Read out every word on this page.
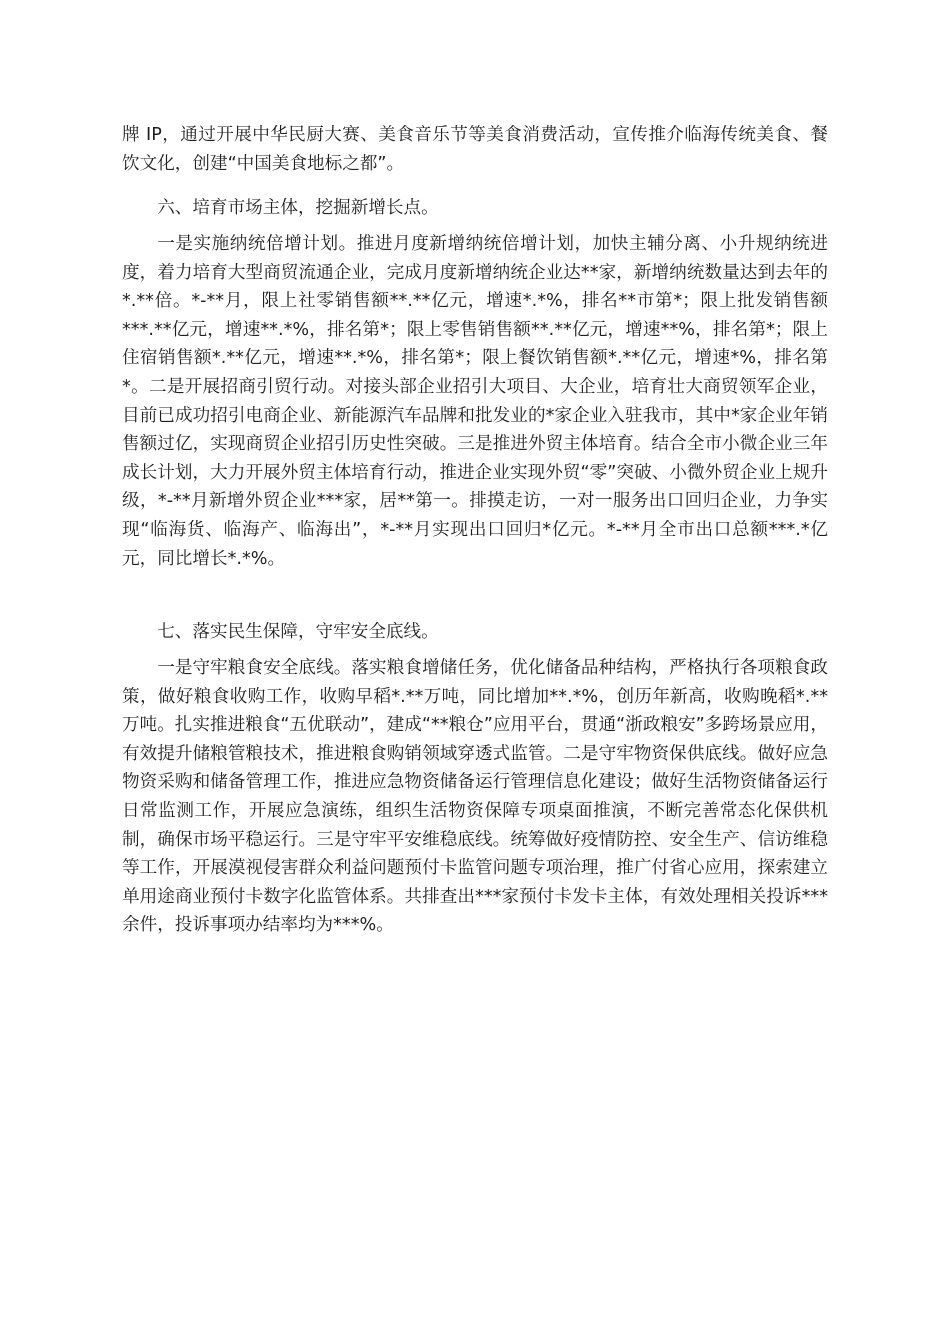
牌 IP，通过开展中华民厨大赛、美食音乐节等美食消费活动，宣传推介临海传统美食、餐饮文化，创建“中国美食地标之都”。

六、培育市场主体，挖掘新增长点。

一是实施纳统倍增计划。推进月度新增纳统倍增计划，加快主辅分离、小升规纳统进度，着力培育大型商贸流通企业，完成月度新增纳统企业达**家，新增纳统数量达到去年的*.**倍。*-**月，限上社零销售额**.**亿元，增速*.*%，排名**市第*；限上批发销售额***.**亿元，增速**.*%，排名第*；限上零售销售额**.**亿元，增速**%，排名第*；限上住宿销售额*.**亿元，增速**.*%，排名第*；限上餐饮销售额*.**亿元，增速*%，排名第*。二是开展招商引贸行动。对接头部企业招引大项目、大企业，培育壮大商贸领军企业，目前已成功招引电商企业、新能源汽车品牌和批发业的*家企业入驻我市，其中*家企业年销售额过亿，实现商贸企业招引历史性突破。三是推进外贸主体培育。结合全市小微企业三年成长计划，大力开展外贸主体培育行动，推进企业实现外贸“零”突破、小微外贸企业上规升级，*-**月新增外贸企业***家，居**第一。排摸走访，一对一服务出口回归企业，力争实现“临海货、临海产、临海出”，*-**月实现出口回归*亿元。*-**月全市出口总额***.*亿元，同比增长*.*%。

七、落实民生保障，守牢安全底线。

一是守牢粮食安全底线。落实粮食增储任务，优化储备品种结构，严格执行各项粮食政策，做好粮食收购工作，收购早稻*.**万吨，同比增加**.*%，创历年新高，收购晚稻*.**万吨。扎实推进粮食“五优联动”，建成“**粮仓”应用平台，贯通“浙政粮安”多跨场景应用，有效提升储粮管粮技术，推进粮食购销领域穿透式监管。二是守牢物资保供底线。做好应急物资采购和储备管理工作，推进应急物资储备运行管理信息化建设；做好生活物资储备运行日常监测工作，开展应急演练，组织生活物资保障专项桌面推演，不断完善常态化保供机制，确保市场平稳运行。三是守牢平安维稳底线。统筹做好疫情防控、安全生产、信访维稳等工作，开展漠视侵害群众利益问题预付卡监管问题专项治理，推广付省心应用，探索建立单用途商业预付卡数字化监管体系。共排查出***家预付卡发卡主体，有效处理相关投诉***余件，投诉事项办结率均为***%。
